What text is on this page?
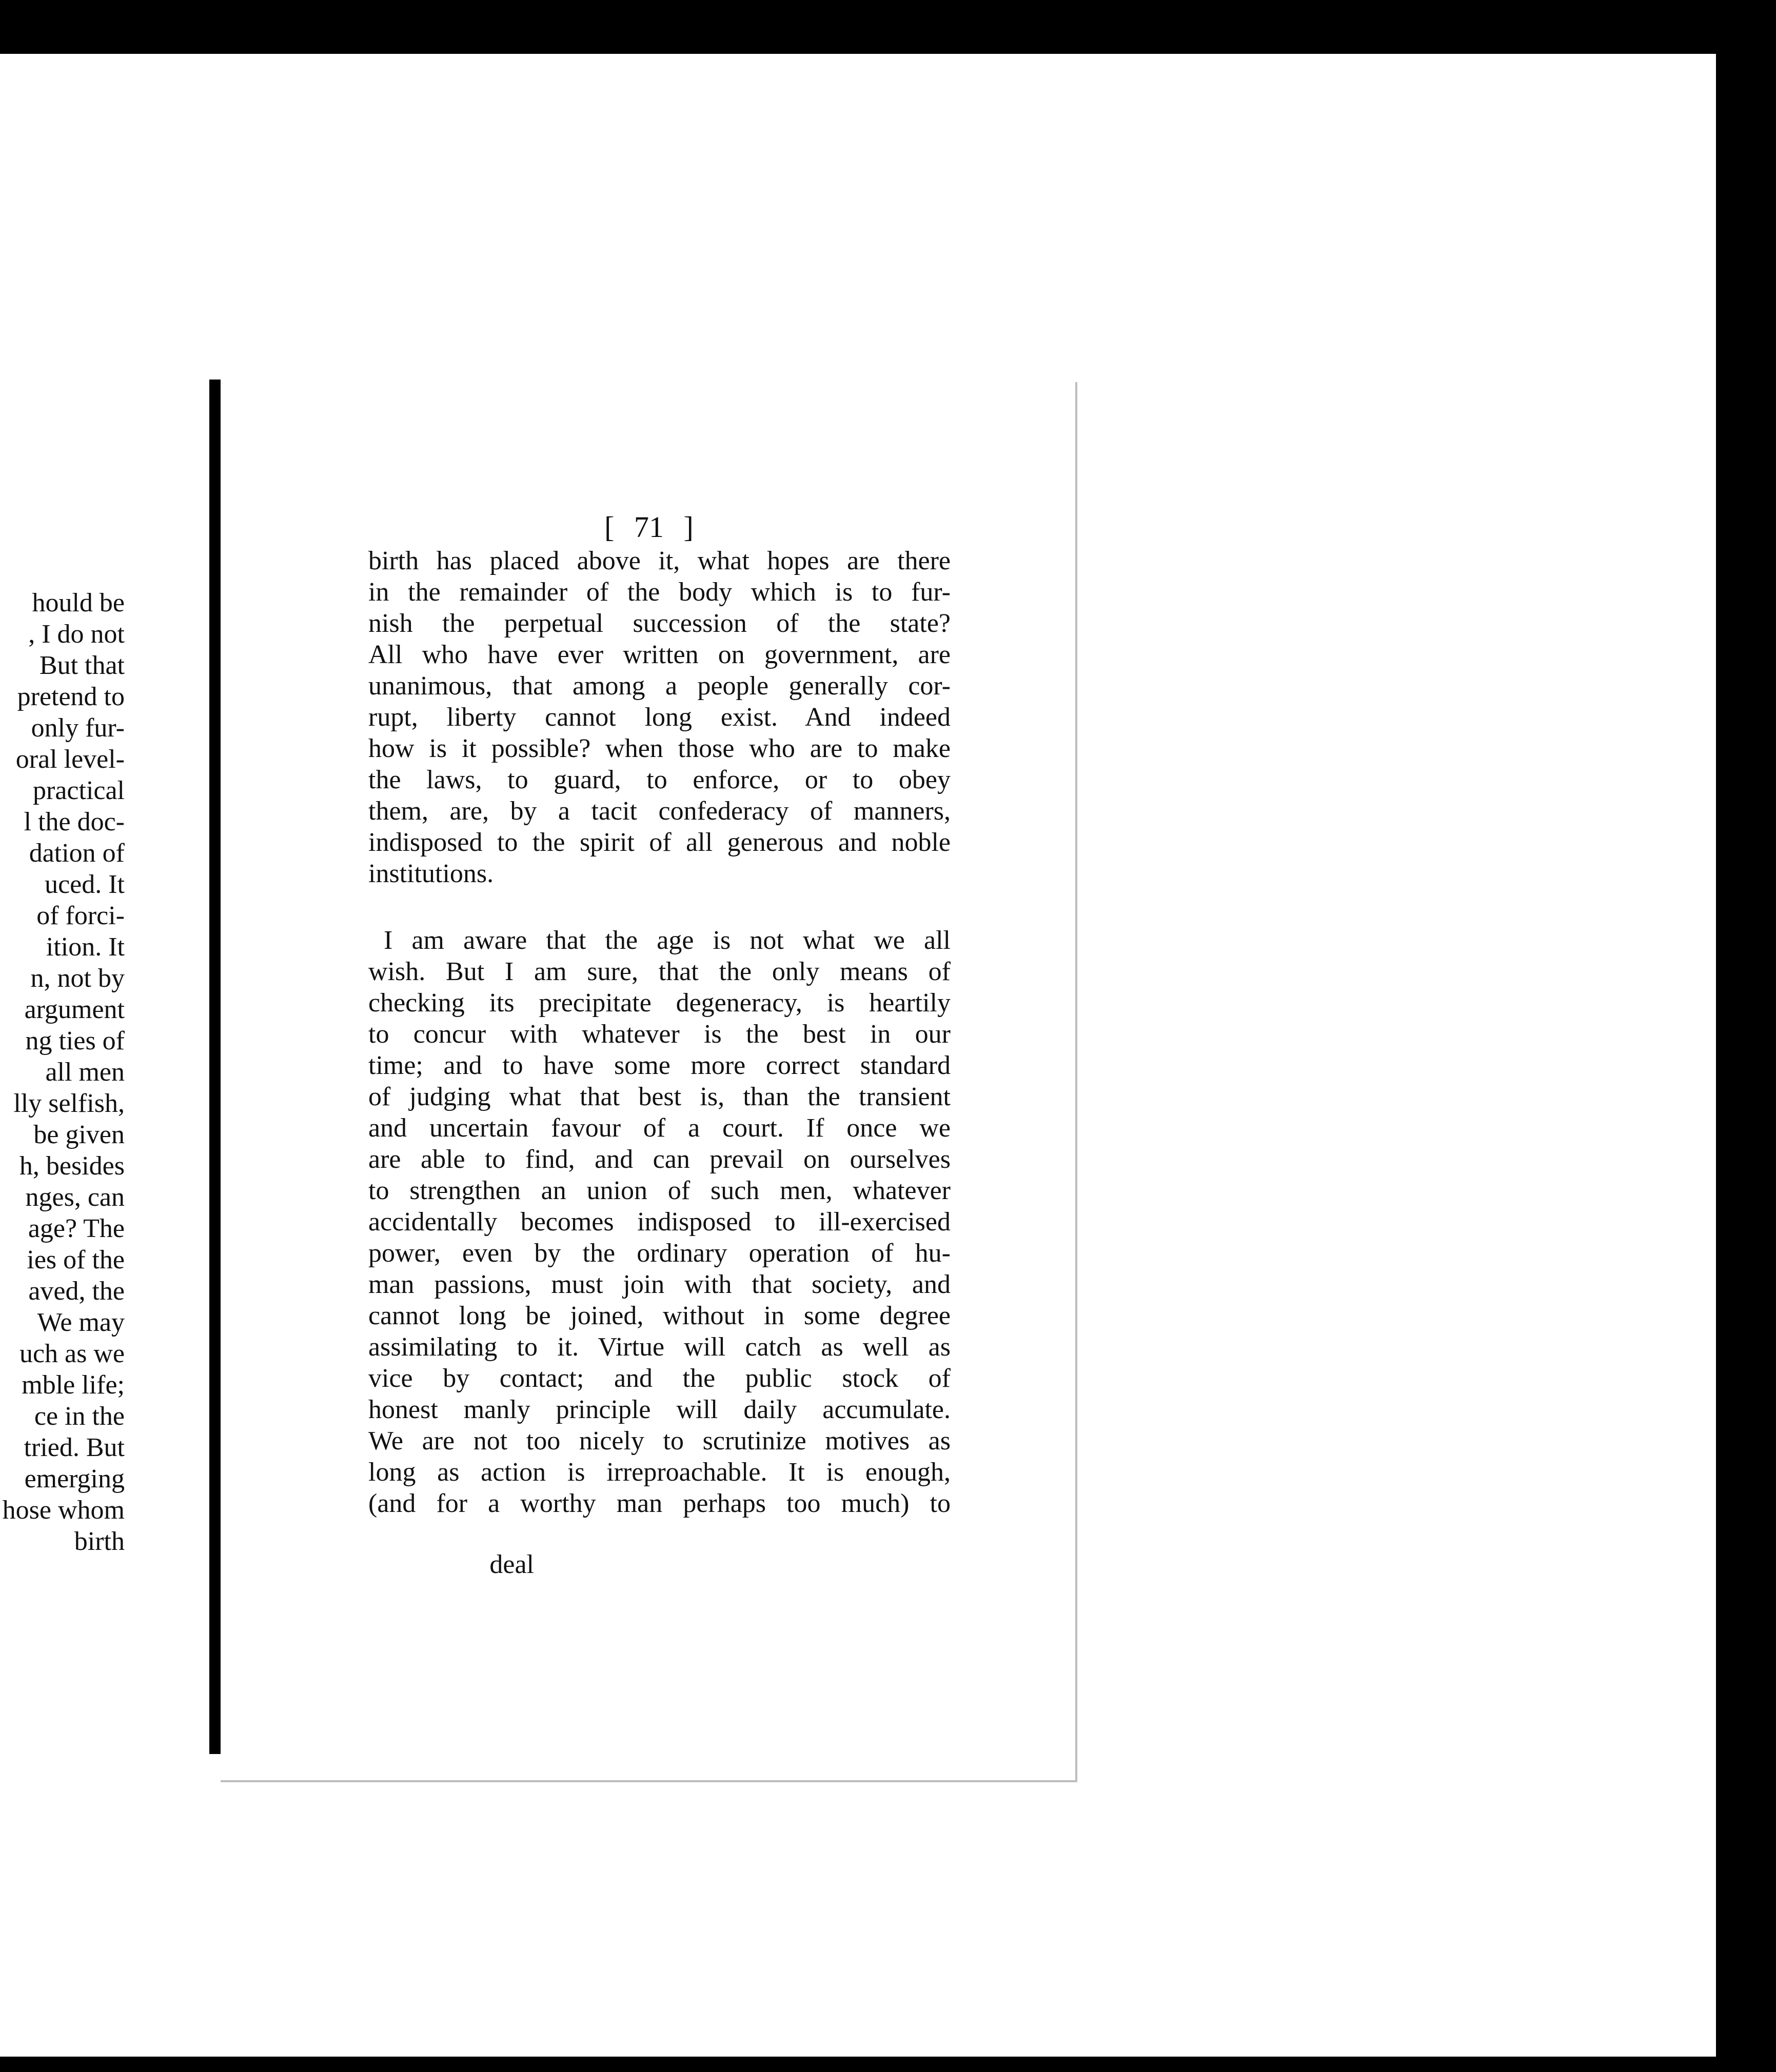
hould be
, I do not
But that
pretend to
only fur-
oral level-
practical
l the doc-
dation of
uced. It
of forci-
ition. It
n, not by
argument
ng ties of
all men
lly selfish,
be given
h, besides
nges, can
age? The
ies of the
aved, the
We may
uch as we
mble life;
ce in the
tried. But
emerging
hose whom
birth
[ 71 ]
birth has placed above it, what hopes are there
in the remainder of the body which is to fur-
nish the perpetual succession of the state?
All who have ever written on government, are
unanimous, that among a people generally cor-
rupt, liberty cannot long exist. And indeed
how is it possible? when those who are to make
the laws, to guard, to enforce, or to obey
them, are, by a tacit confederacy of manners,
indisposed to the spirit of all generous and noble
institutions.
I am aware that the age is not what we all
wish. But I am sure, that the only means of
checking its precipitate degeneracy, is heartily
to concur with whatever is the best in our
time; and to have some more correct standard
of judging what that best is, than the transient
and uncertain favour of a court. If once we
are able to find, and can prevail on ourselves
to strengthen an union of such men, whatever
accidentally becomes indisposed to ill-exercised
power, even by the ordinary operation of hu-
man passions, must join with that society, and
cannot long be joined, without in some degree
assimilating to it. Virtue will catch as well as
vice by contact; and the public stock of
honest manly principle will daily accumulate.
We are not too nicely to scrutinize motives as
long as action is irreproachable. It is enough,
(and for a worthy man perhaps too much) to
deal
